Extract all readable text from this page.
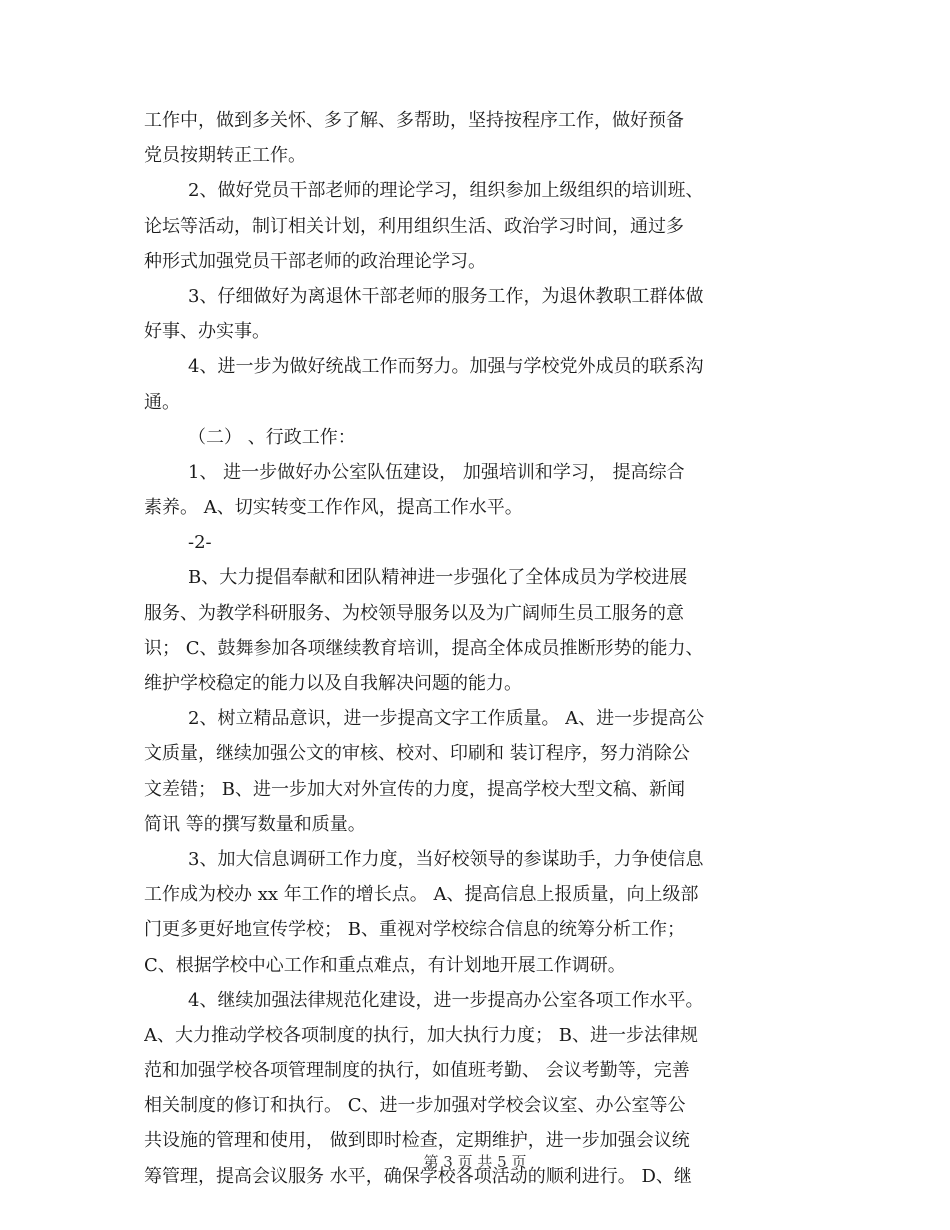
工作中，做到多关怀、多了解、多帮助，坚持按程序工作，做好预备
党员按期转正工作。
2、做好党员干部老师的理论学习，组织参加上级组织的培训班、
论坛等活动，制订相关计划，利用组织生活、政治学习时间，通过多
种形式加强党员干部老师的政治理论学习。
3、仔细做好为离退休干部老师的服务工作，为退休教职工群体做
好事、办实事。
4、进一步为做好统战工作而努力。加强与学校党外成员的联系沟
通。
（二） 、行政工作：
1、 进一步做好办公室队伍建设， 加强培训和学习， 提高综合
素养。 A、切实转变工作作风，提高工作水平。
-2-
B、大力提倡奉献和团队精神进一步强化了全体成员为学校进展
服务、为教学科研服务、为校领导服务以及为广阔师生员工服务的意
识； C、鼓舞参加各项继续教育培训，提高全体成员推断形势的能力、
维护学校稳定的能力以及自我解决问题的能力。
2、树立精品意识，进一步提高文字工作质量。 A、进一步提高公
文质量，继续加强公文的审核、校对、印刷和 装订程序，努力消除公
文差错； B、进一步加大对外宣传的力度，提高学校大型文稿、新闻
简讯 等的撰写数量和质量。
3、加大信息调研工作力度，当好校领导的参谋助手，力争使信息
工作成为校办 xx 年工作的增长点。 A、提高信息上报质量，向上级部
门更多更好地宣传学校； B、重视对学校综合信息的统筹分析工作；
C、根据学校中心工作和重点难点，有计划地开展工作调研。
4、继续加强法律规范化建设，进一步提高办公室各项工作水平。
A、大力推动学校各项制度的执行，加大执行力度； B、进一步法律规
范和加强学校各项管理制度的执行，如值班考勤、 会议考勤等，完善
相关制度的修订和执行。 C、进一步加强对学校会议室、办公室等公
共设施的管理和使用， 做到即时检查，定期维护，进一步加强会议统
筹管理，提高会议服务 水平，确保学校各项活动的顺利进行。 D、继
第 3 页 共 5 页
